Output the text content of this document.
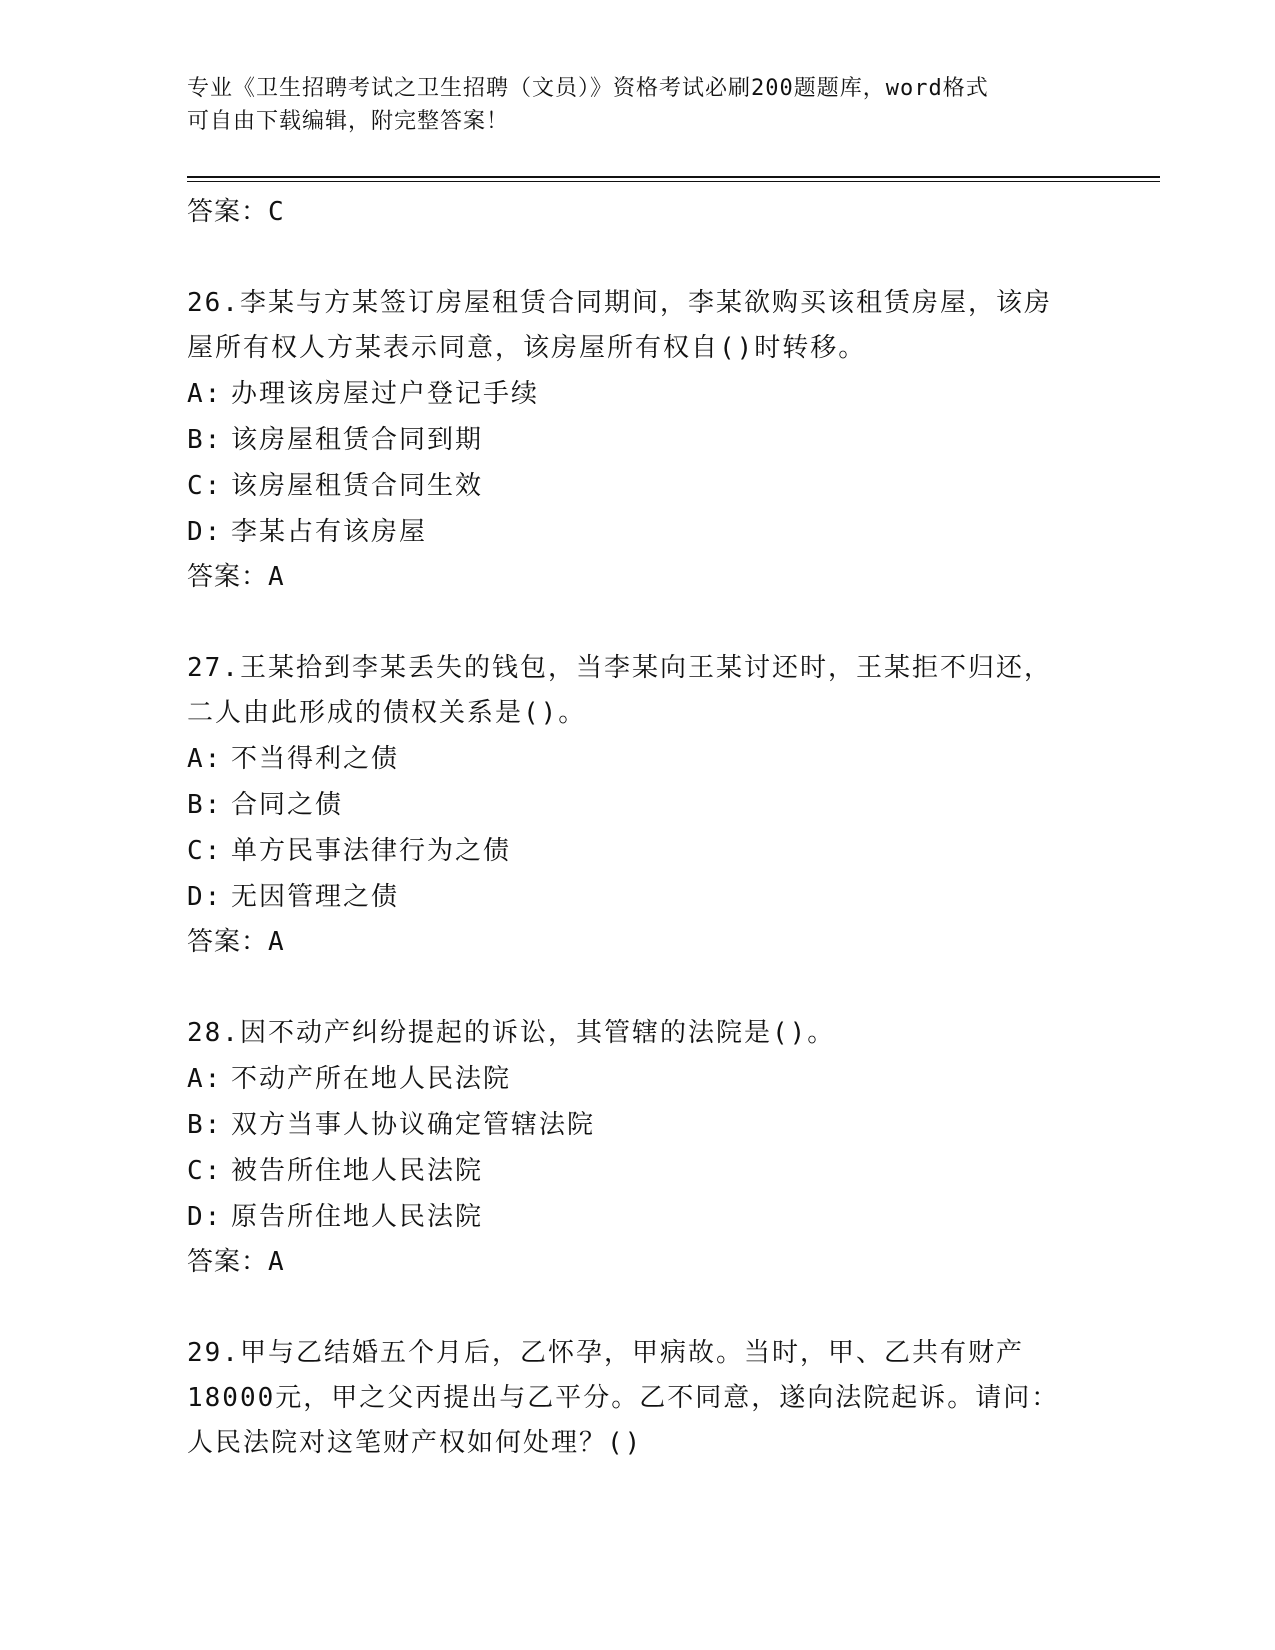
专业《卫生招聘考试之卫生招聘（文员）》资格考试必刷200题题库，word格式
可自由下载编辑，附完整答案！
答案：C
26.李某与方某签订房屋租赁合同期间，李某欲购买该租赁房屋，该房
屋所有权人方某表示同意，该房屋所有权自()时转移。
A: 办理该房屋过户登记手续
B: 该房屋租赁合同到期
C: 该房屋租赁合同生效
D: 李某占有该房屋
答案：A
27.王某拾到李某丢失的钱包，当李某向王某讨还时，王某拒不归还，
二人由此形成的债权关系是()。
A: 不当得利之债
B: 合同之债
C: 单方民事法律行为之债
D: 无因管理之债
答案：A
28.因不动产纠纷提起的诉讼，其管辖的法院是()。
A: 不动产所在地人民法院
B: 双方当事人协议确定管辖法院
C: 被告所住地人民法院
D: 原告所住地人民法院
答案：A
29.甲与乙结婚五个月后，乙怀孕，甲病故。当时，甲、乙共有财产
18000元，甲之父丙提出与乙平分。乙不同意，遂向法院起诉。请问：
人民法院对这笔财产权如何处理？()
